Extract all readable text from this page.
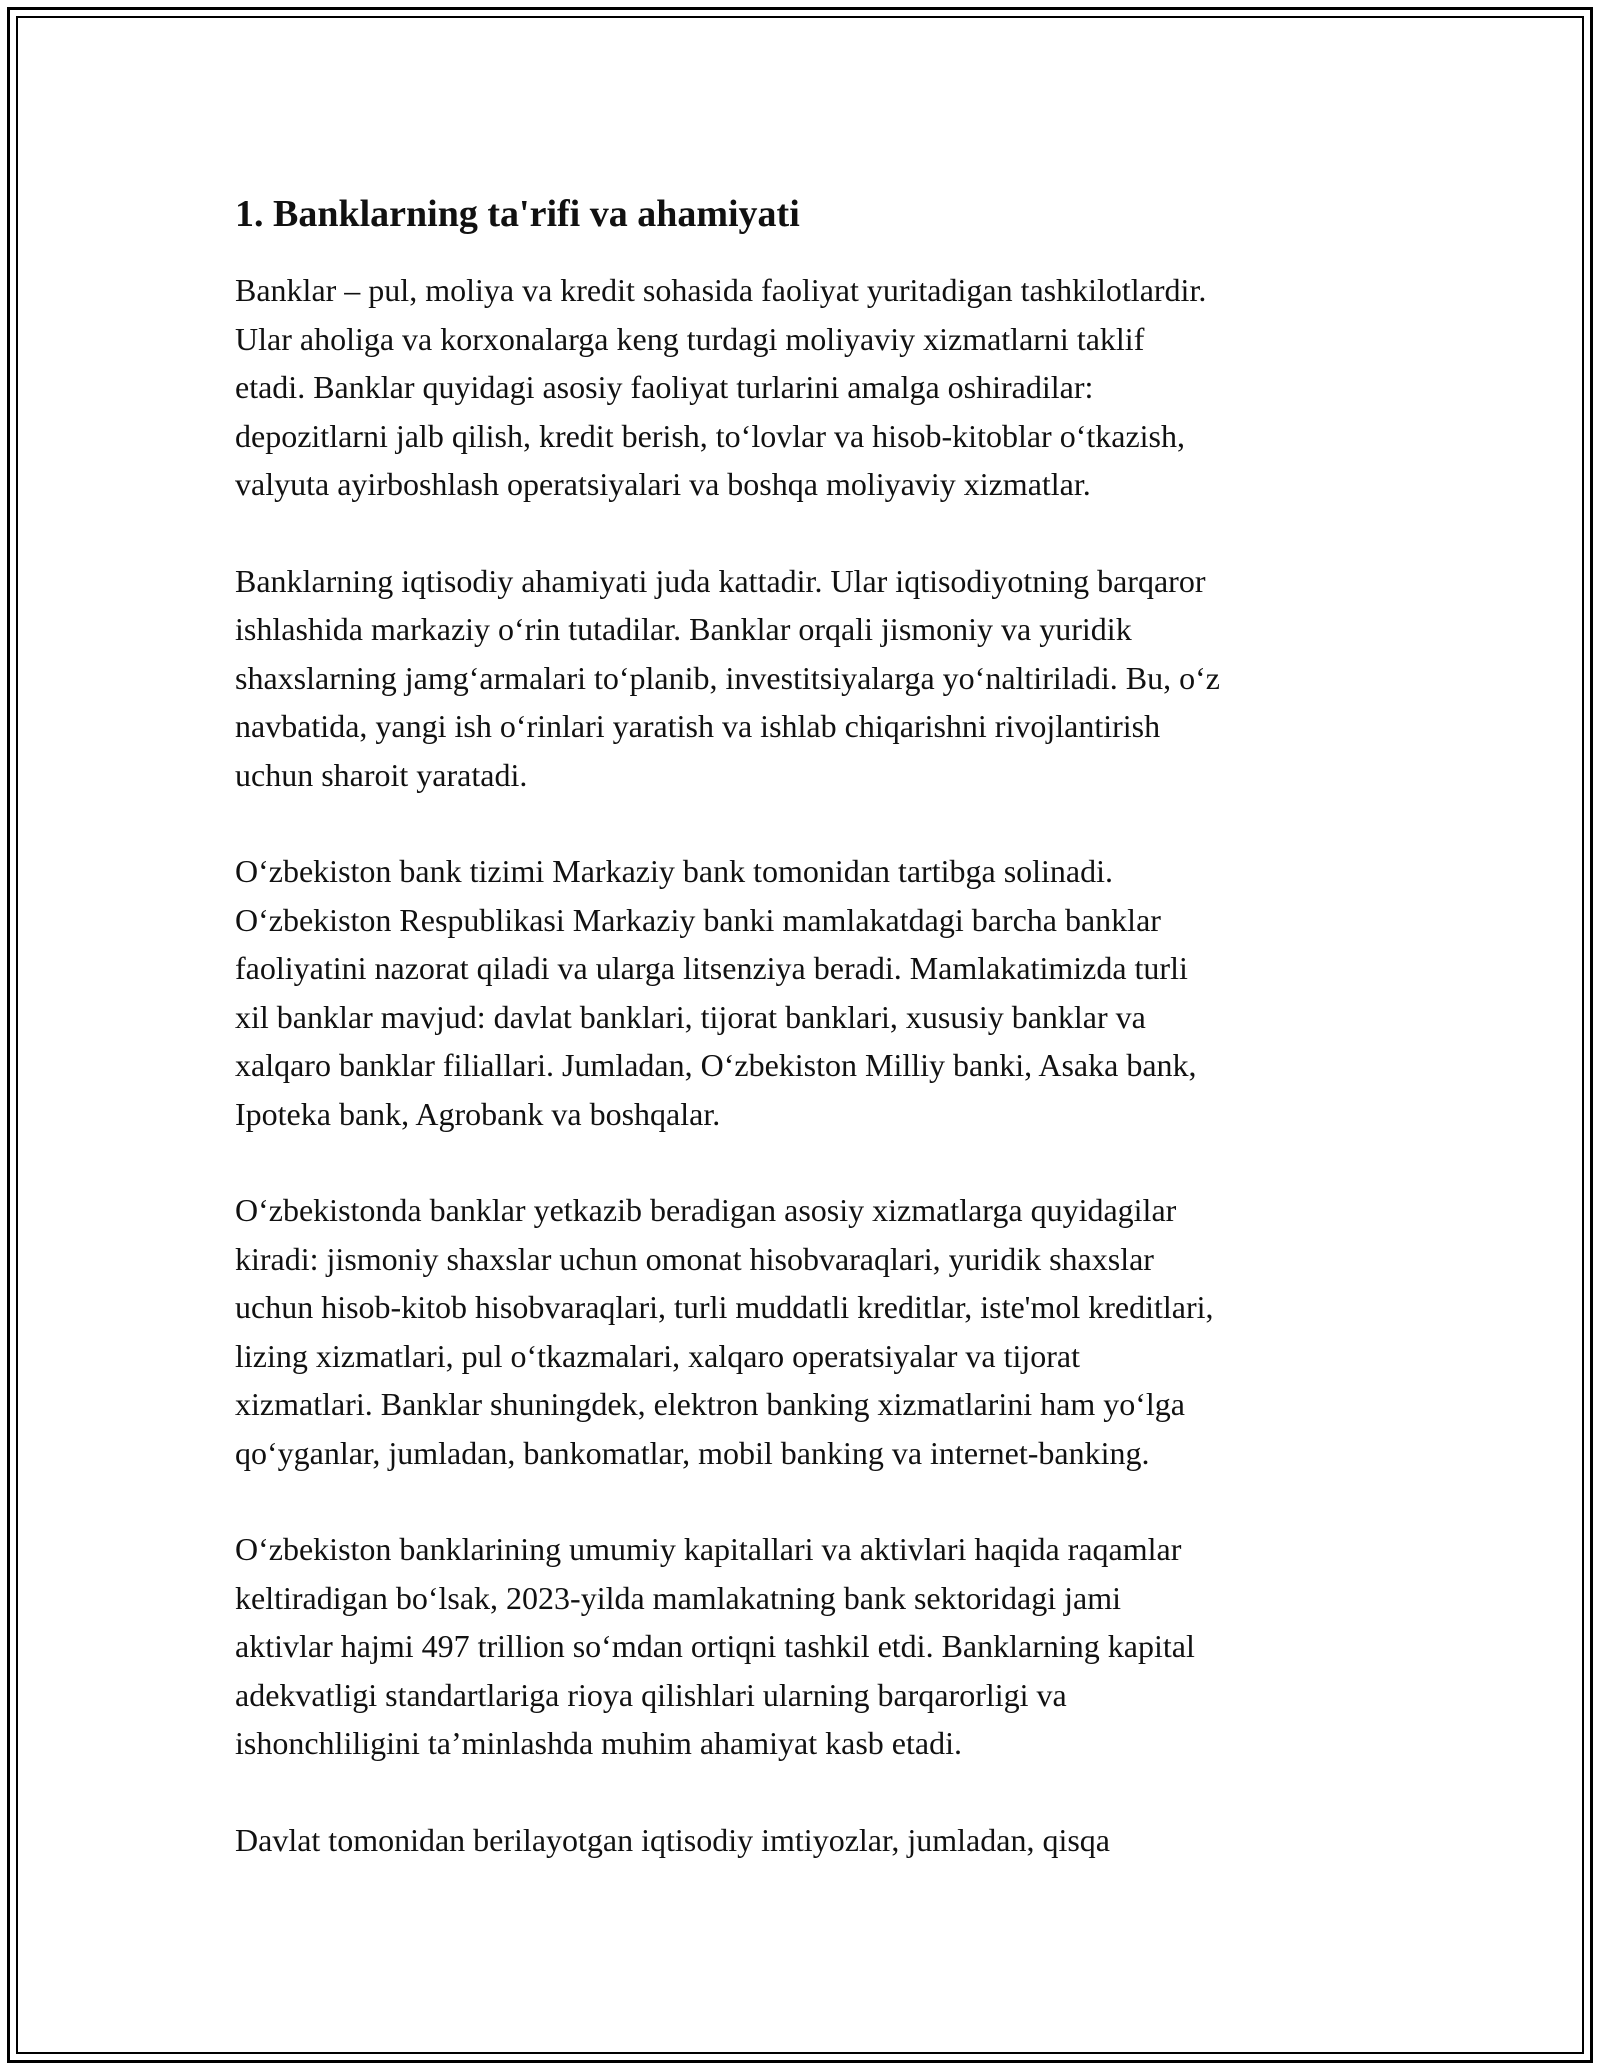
1. Banklarning ta'rifi va ahamiyati

Banklar – pul, moliya va kredit sohasida faoliyat yuritadigan tashkilotlardir.
Ular aholiga va korxonalarga keng turdagi moliyaviy xizmatlarni taklif
etadi. Banklar quyidagi asosiy faoliyat turlarini amalga oshiradilar:
depozitlarni jalb qilish, kredit berish, to‘lovlar va hisob-kitoblar o‘tkazish,
valyuta ayirboshlash operatsiyalari va boshqa moliyaviy xizmatlar.

Banklarning iqtisodiy ahamiyati juda kattadir. Ular iqtisodiyotning barqaror
ishlashida markaziy o‘rin tutadilar. Banklar orqali jismoniy va yuridik
shaxslarning jamg‘armalari to‘planib, investitsiyalarga yo‘naltiriladi. Bu, o‘z
navbatida, yangi ish o‘rinlari yaratish va ishlab chiqarishni rivojlantirish
uchun sharoit yaratadi.

O‘zbekiston bank tizimi Markaziy bank tomonidan tartibga solinadi.
O‘zbekiston Respublikasi Markaziy banki mamlakatdagi barcha banklar
faoliyatini nazorat qiladi va ularga litsenziya beradi. Mamlakatimizda turli
xil banklar mavjud: davlat banklari, tijorat banklari, xususiy banklar va
xalqaro banklar filiallari. Jumladan, O‘zbekiston Milliy banki, Asaka bank,
Ipoteka bank, Agrobank va boshqalar.

O‘zbekistonda banklar yetkazib beradigan asosiy xizmatlarga quyidagilar
kiradi: jismoniy shaxslar uchun omonat hisobvaraqlari, yuridik shaxslar
uchun hisob-kitob hisobvaraqlari, turli muddatli kreditlar, iste'mol kreditlari,
lizing xizmatlari, pul o‘tkazmalari, xalqaro operatsiyalar va tijorat
xizmatlari. Banklar shuningdek, elektron banking xizmatlarini ham yo‘lga
qo‘yganlar, jumladan, bankomatlar, mobil banking va internet-banking.

O‘zbekiston banklarining umumiy kapitallari va aktivlari haqida raqamlar
keltiradigan bo‘lsak, 2023-yilda mamlakatning bank sektoridagi jami
aktivlar hajmi 497 trillion so‘mdan ortiqni tashkil etdi. Banklarning kapital
adekvatligi standartlariga rioya qilishlari ularning barqarorligi va
ishonchliligini ta’minlashda muhim ahamiyat kasb etadi.

Davlat tomonidan berilayotgan iqtisodiy imtiyozlar, jumladan, qisqa
